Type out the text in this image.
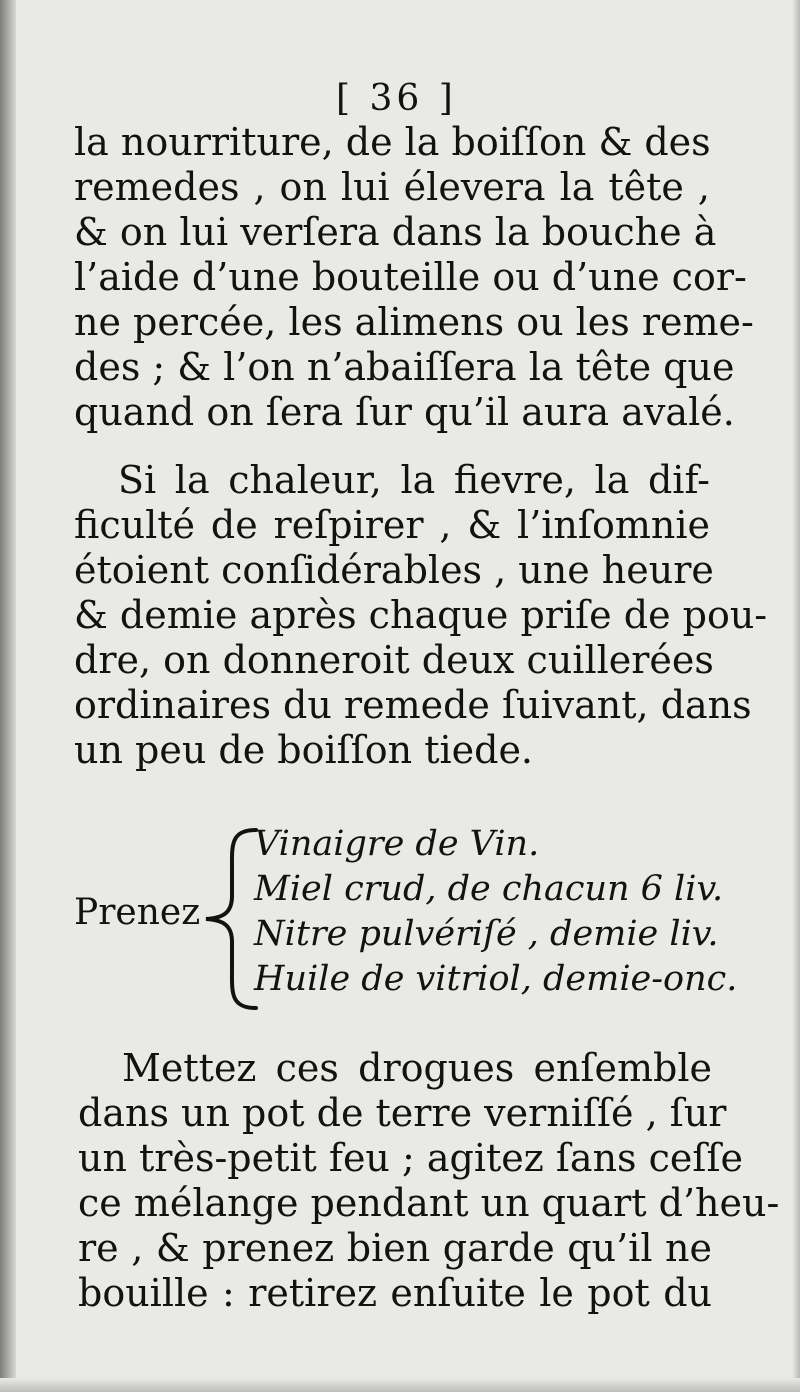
[ 36 ]
la nourriture, de la boiſſon & des
remedes , on lui élevera la tête ,
& on lui verſera dans la bouche à
l’aide d’une bouteille ou d’une cor-
ne percée, les alimens ou les reme-
des ; & l’on n’abaiſſera la tête que
quand on ſera ſur qu’il aura avalé.
Si la chaleur, la fievre, la dif-
ficulté de reſpirer , & l’inſomnie
étoient conſidérables , une heure
& demie après chaque priſe de pou-
dre, on donneroit deux cuillerées
ordinaires du remede ſuivant, dans
un peu de boiſſon tiede.
Prenez
Vinaigre de Vin.
Miel crud, de chacun 6 liv.
Nitre pulvériſé , demie liv.
Huile de vitriol, demie-onc.
Mettez ces drogues enſemble
dans un pot de terre verniſſé , ſur
un très-petit feu ; agitez ſans ceſſe
ce mélange pendant un quart d’heu-
re , & prenez bien garde qu’il ne
bouille : retirez enſuite le pot du
